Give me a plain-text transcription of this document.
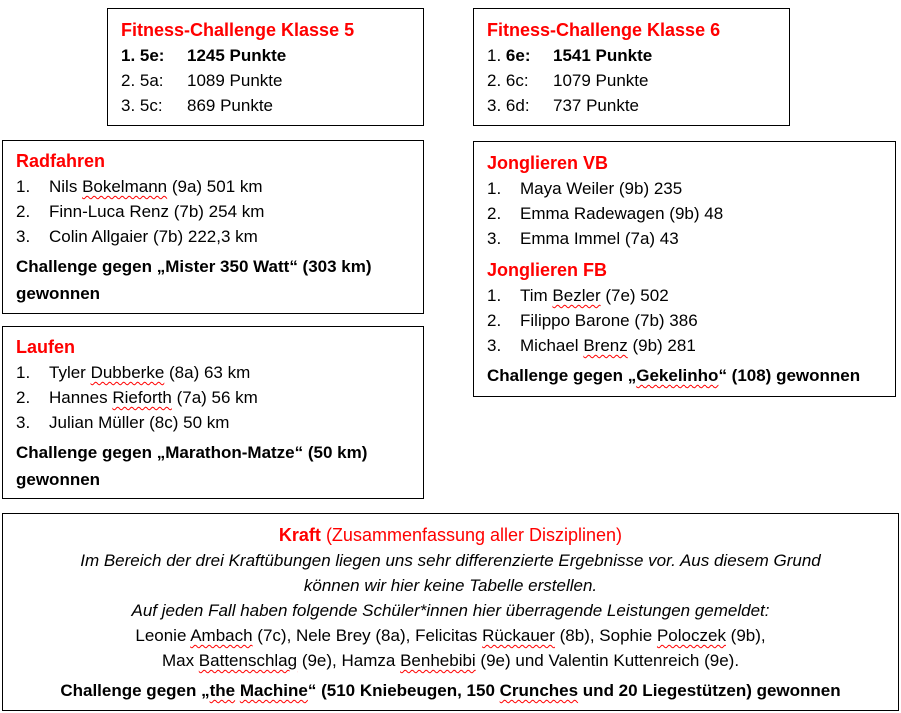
Fitness-Challenge Klasse 5
1. 5e:	1245 Punkte
2. 5a:	1089 Punkte
3. 5c:	869 Punkte
Fitness-Challenge Klasse 6
1. 6e:	1541 Punkte
2. 6c:	1079 Punkte
3. 6d:	737 Punkte
Radfahren
1.	Nils Bokelmann (9a) 501 km
2.	Finn-Luca Renz (7b) 254 km
3.	Colin Allgaier (7b) 222,3 km
Challenge gegen „Mister 350 Watt“ (303 km)
gewonnen
Laufen
1.	Tyler Dubberke (8a) 63 km
2.	Hannes Rieforth (7a) 56 km
3.	Julian Müller (8c) 50 km
Challenge gegen „Marathon-Matze“ (50 km)
gewonnen
Jonglieren VB
1.	Maya Weiler (9b) 235
2.	Emma Radewagen (9b) 48
3.	Emma Immel (7a) 43
Jonglieren FB
1.	Tim Bezler (7e) 502
2.	Filippo Barone (7b) 386
3.	Michael Brenz (9b) 281
Challenge gegen „Gekelinho“ (108) gewonnen
Kraft (Zusammenfassung aller Disziplinen)
Im Bereich der drei Kraftübungen liegen uns sehr differenzierte Ergebnisse vor. Aus diesem Grund
können wir hier keine Tabelle erstellen.
Auf jeden Fall haben folgende Schüler*innen hier überragende Leistungen gemeldet:
Leonie Ambach (7c), Nele Brey (8a), Felicitas Rückauer (8b), Sophie Poloczek (9b),
Max Battenschlag (9e), Hamza Benhebibi (9e) und Valentin Kuttenreich (9e).
Challenge gegen „the Machine“ (510 Kniebeugen, 150 Crunches und 20 Liegestützen) gewonnen
